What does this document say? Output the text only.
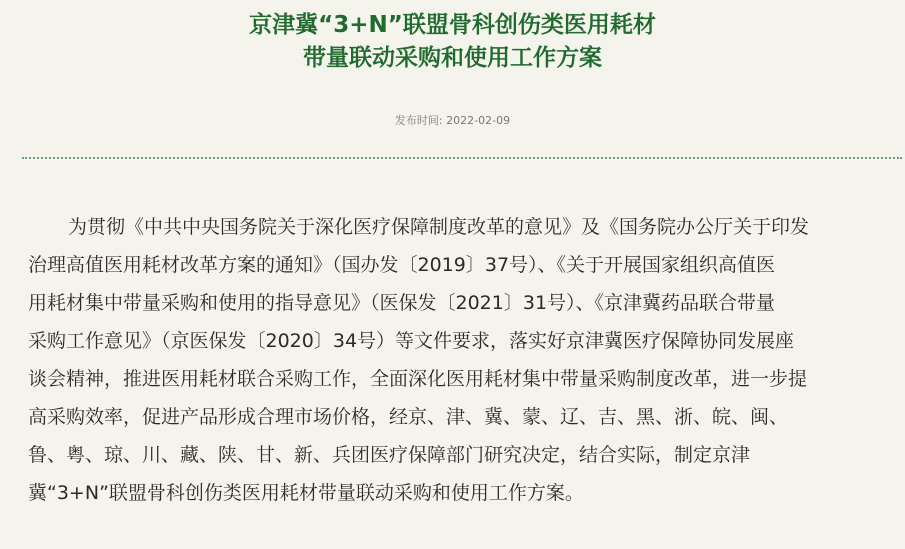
京津冀“3+N”联盟骨科创伤类医用耗材
带量联动采购和使用工作方案
发布时间: 2022-02-09
为贯彻《中共中央国务院关于深化医疗保障制度改革的意见》及《国务院办公厅关于印发
治理高值医用耗材改革方案的通知》（国办发〔2019〕37号）、《关于开展国家组织高值医
用耗材集中带量采购和使用的指导意见》（医保发〔2021〕31号）、《京津冀药品联合带量
采购工作意见》（京医保发〔2020〕34号）等文件要求，落实好京津冀医疗保障协同发展座
谈会精神，推进医用耗材联合采购工作，全面深化医用耗材集中带量采购制度改革，进一步提
高采购效率，促进产品形成合理市场价格，经京、津、冀、蒙、辽、吉、黑、浙、皖、闽、
鲁、粤、琼、川、藏、陕、甘、新、兵团医疗保障部门研究决定，结合实际，制定京津
冀“3+N”联盟骨科创伤类医用耗材带量联动采购和使用工作方案。
